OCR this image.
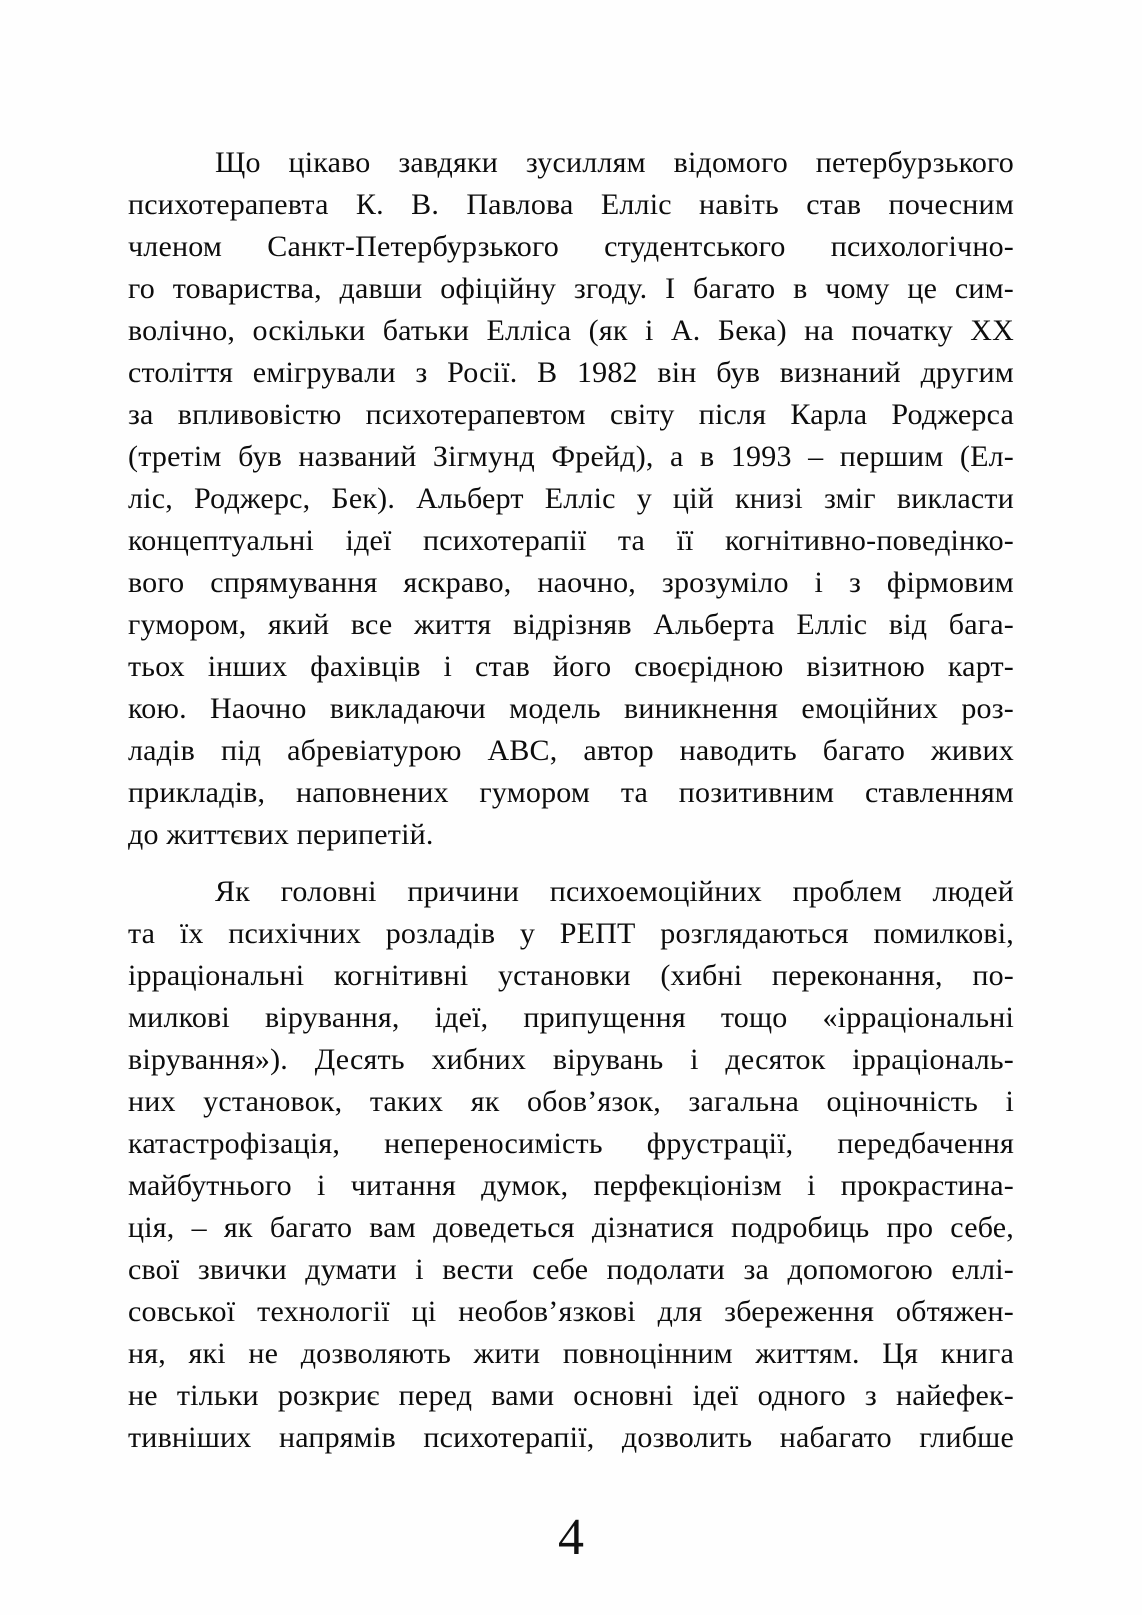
Що цікаво завдяки зусиллям відомого петербурзького
психотерапевта К. В. Павлова Елліс навіть став почесним
членом Санкт-Петербурзького студентського психологічно-
го товариства, давши офіційну згоду. І багато в чому це сим-
волічно, оскільки батьки Елліса (як і А. Бека) на початку ХХ
століття емігрували з Росії. В 1982 він був визнаний другим
за впливовістю психотерапевтом світу після Карла Роджерса
(третім був названий Зігмунд Фрейд), а в 1993 – першим (Ел-
ліс, Роджерс, Бек). Альберт Елліс у цій книзі зміг викласти
концептуальні ідеї психотерапії та її когнітивно-поведінко-
вого спрямування яскраво, наочно, зрозуміло і з фірмовим
гумором, який все життя відрізняв Альберта Елліс від бага-
тьох інших фахівців і став його своєрідною візитною карт-
кою. Наочно викладаючи модель виникнення емоційних роз-
ладів під абревіатурою ABC, автор наводить багато живих
прикладів, наповнених гумором та позитивним ставленням
до життєвих перипетій.
Як головні причини психоемоційних проблем людей
та їх психічних розладів у РЕПТ розглядаються помилкові,
ірраціональні когнітивні установки (хибні переконання, по-
милкові вірування, ідеї, припущення тощо «ірраціональні
вірування»). Десять хибних вірувань і десяток ірраціональ-
них установок, таких як обов’язок, загальна оціночність і
катастрофізація, непереносимість фрустрації, передбачення
майбутнього і читання думок, перфекціонізм і прокрастина-
ція, – як багато вам доведеться дізнатися подробиць про себе,
свої звички думати і вести себе подолати за допомогою еллі-
совської технології ці необов’язкові для збереження обтяжен-
ня, які не дозволяють жити повноцінним життям. Ця книга
не тільки розкриє перед вами основні ідеї одного з найефек-
тивніших напрямів психотерапії, дозволить набагато глибше
4
